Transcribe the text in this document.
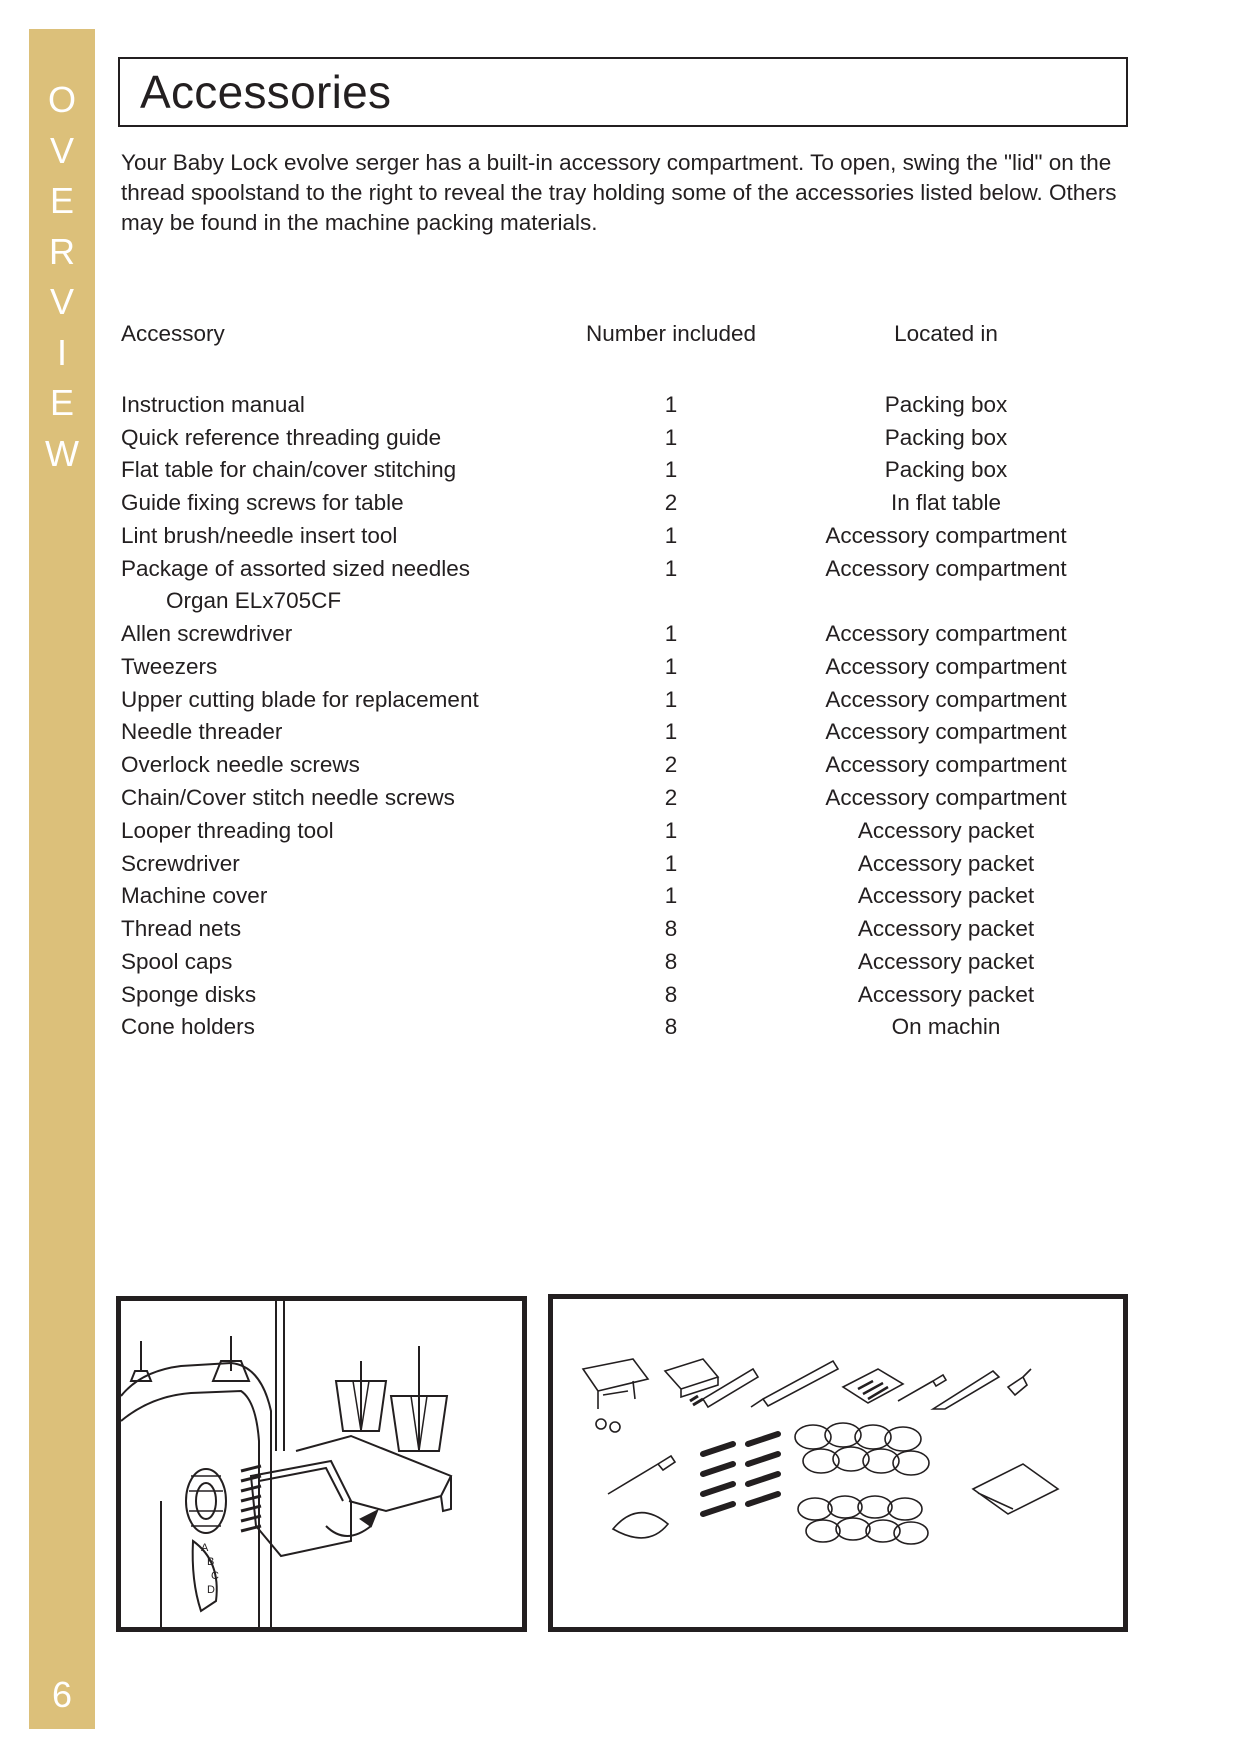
O
V
E
R
V
I
E
W
6
Accessories

Your Baby Lock evolve serger has a built-in accessory compartment. To open, swing the "lid" on the thread spoolstand to the right to reveal the tray holding some of the accessories listed below. Others may be found in the machine packing materials.

Accessory	Number included	Located in
Instruction manual	1	Packing box
Quick reference threading guide	1	Packing box
Flat table for chain/cover stitching	1	Packing box
Guide fixing screws for table	2	In flat table
Lint brush/needle insert tool	1	Accessory compartment
Package of assorted sized needles	1	Accessory compartment
Organ ELx705CF
Allen screwdriver	1	Accessory compartment
Tweezers	1	Accessory compartment
Upper cutting blade for replacement	1	Accessory compartment
Needle threader	1	Accessory compartment
Overlock needle screws	2	Accessory compartment
Chain/Cover stitch needle screws	2	Accessory compartment
Looper threading tool	1	Accessory packet
Screwdriver	1	Accessory packet
Machine cover	1	Accessory packet
Thread nets	8	Accessory packet
Spool caps	8	Accessory packet
Sponge disks	8	Accessory packet
Cone holders	8	On machin
A
B
C
D
